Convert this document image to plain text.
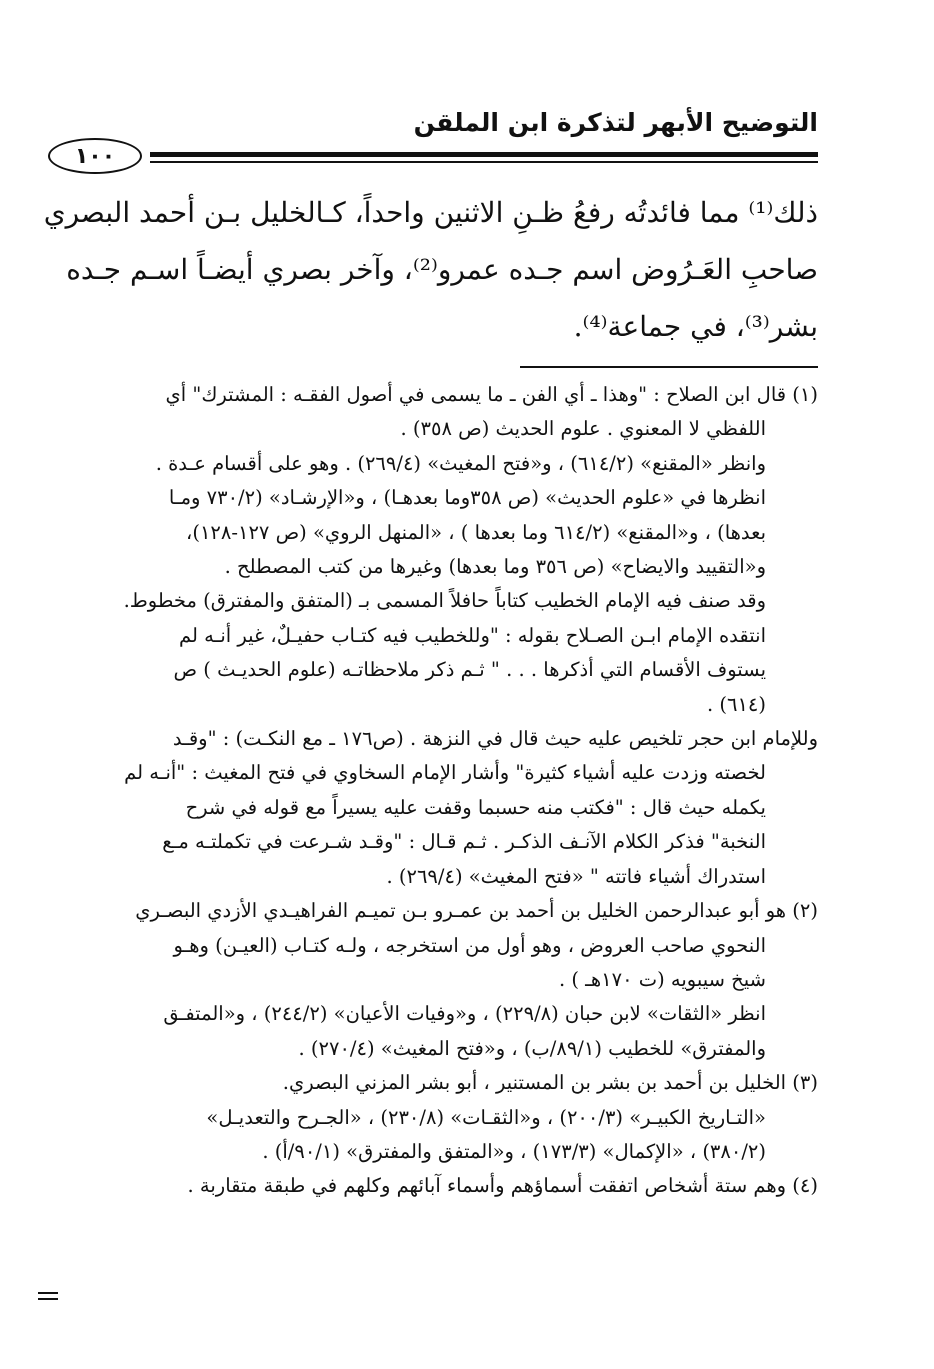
التوضيح الأبهر لتذكرة ابن الملقن
١٠٠
ذلك⁽¹⁾ مما فائدتُه رفعُ ظـنِ الاثنين واحداً، كـالخليل بـن أحمد البصري
صاحبِ العَـرُوض اسم جـده عمرو⁽²⁾، وآخر بصري أيضـاً اسـم جـده
بشر⁽³⁾، في جماعة⁽⁴⁾.
(١) قال ابن الصلاح : "وهذا ـ أي الفن ـ ما يسمى في أصول الفقـه : المشترك" أي
اللفظي لا المعنوي . علوم الحديث (ص ٣٥٨) .
وانظر «المقنع» (٦١٤/٢) ، و«فتح المغيث» (٢٦٩/٤) . وهو على أقسام عـدة .
انظرها في «علوم الحديث» (ص ٣٥٨وما بعدهـا) ، و«الإرشـاد» (٧٣٠/٢ ومـا
بعدها) ، و«المقنع» (٦١٤/٢ وما بعدها ) ، «المنهل الروي» (ص ١٢٧-١٢٨)،
و«التقييد والايضاح» (ص ٣٥٦ وما بعدها) وغيرها من كتب المصطلح .
وقد صنف فيه الإمام الخطيب كتاباً حافلاً المسمى بـ (المتفق والمفترق) مخطوط.
انتقده الإمام ابـن الصـلاح بقوله : "وللخطيب فيه كتـاب حفيـلٌ، غير أنـه لم
يستوف الأقسام التي أذكرها . . . " ثـم ذكر ملاحظاتـه (علوم الحديـث ) ص
(٦١٤) .
وللإمام ابن حجر تلخيص عليه حيث قال في النزهة . (ص١٧٦ ـ مع النكـت) : "وقـد
لخصته وزدت عليه أشياء كثيرة" وأشار الإمام السخاوي في فتح المغيث : "أنـه لم
يكمله حيث قال : "فكتب منه حسبما وقفت عليه يسيراً مع قوله في شرح
النخبة" فذكر الكلام الآنـف الذكـر . ثـم قـال : "وقـد شـرعت في تكملتـه مـع
استدراك أشياء فاتته " «فتح المغيث» (٢٦٩/٤) .
(٢) هو أبو عبدالرحمن الخليل بن أحمد بن عمـرو بـن تميـم الفراهيـدي الأزدي البصـري
النحوي صاحب العروض ، وهو أول من استخرجه ، ولـه كتـاب (العيـن) وهـو
شيخ سيبويه (ت ١٧٠هـ ) .
انظر «الثقات» لابن حبان (٢٢٩/٨) ، و«وفيات الأعيان» (٢٤٤/٢) ، و«المتفـق
والمفترق» للخطيب (٨٩/١/ب) ، و«فتح المغيث» (٢٧٠/٤) .
(٣) الخليل بن أحمد بن بشر بن المستنير ، أبو بشر المزني البصري.
«التـاريخ الكبيـر» (٢٠٠/٣) ، و«الثقـات» (٢٣٠/٨) ، «الجـرح والتعديـل»
(٣٨٠/٢) ، «الإكمال» (١٧٣/٣) ، و«المتفق والمفترق» (٩٠/١/أ) .
(٤) وهم ستة أشخاص اتفقت أسماؤهم وأسماء آبائهم وكلهم في طبقة متقاربة .
